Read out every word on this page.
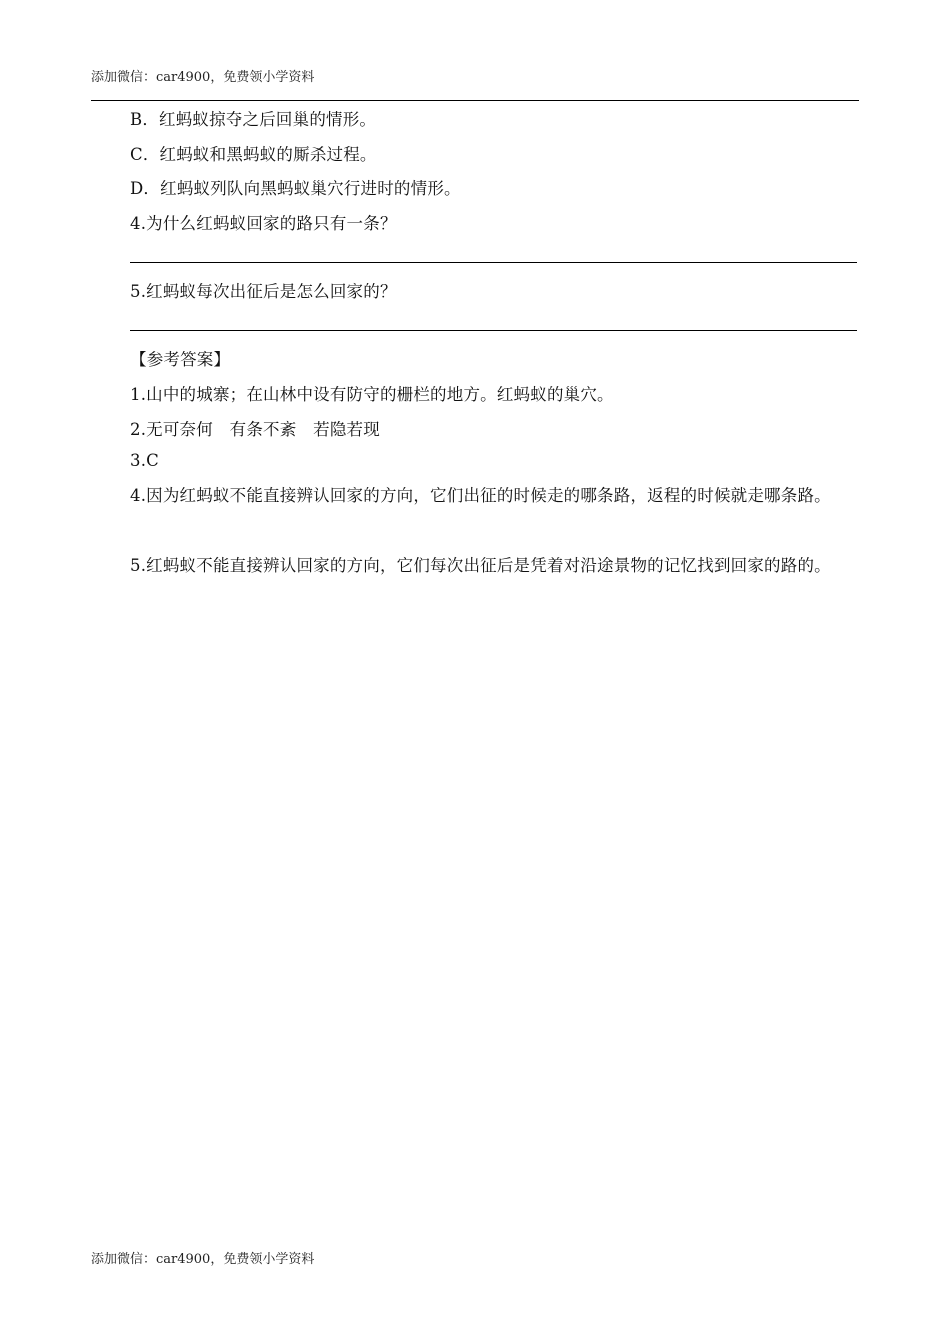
添加微信：car4900，免费领小学资料
B．红蚂蚁掠夺之后回巢的情形。
C．红蚂蚁和黑蚂蚁的厮杀过程。
D．红蚂蚁列队向黑蚂蚁巢穴行进时的情形。
4.为什么红蚂蚁回家的路只有一条？
5.红蚂蚁每次出征后是怎么回家的？
【参考答案】
1.山中的城寨；在山林中设有防守的栅栏的地方。红蚂蚁的巢穴。
2.无可奈何　有条不紊　若隐若现
3.C
4.因为红蚂蚁不能直接辨认回家的方向，它们出征的时候走的哪条路，返程的时候就走哪条路。
5.红蚂蚁不能直接辨认回家的方向，它们每次出征后是凭着对沿途景物的记忆找到回家的路的。
添加微信：car4900，免费领小学资料
